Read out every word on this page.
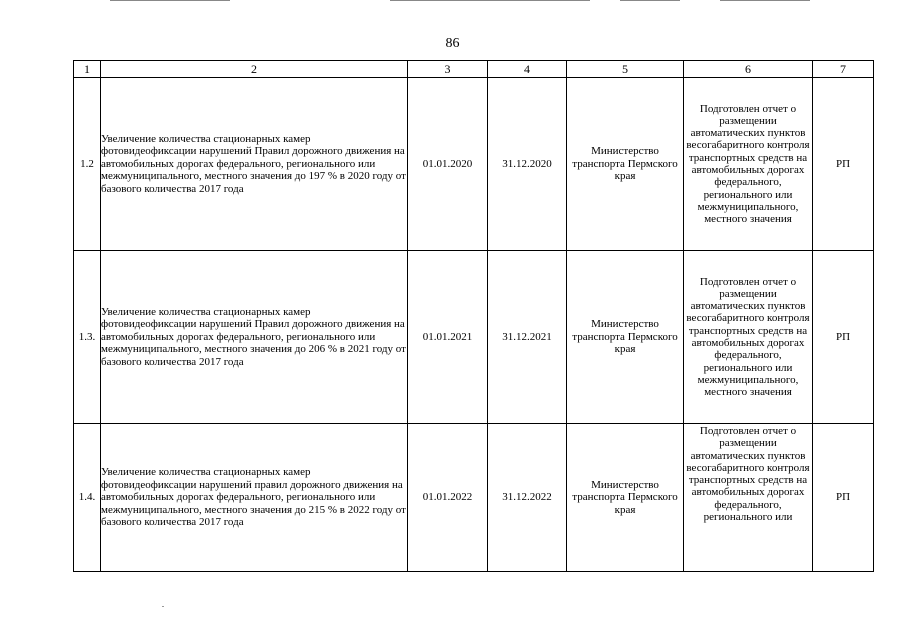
86
1	2	3	4	5	6	7
1.2	Увеличение количества стационарных камер фотовидеофиксации нарушений Правил дорожного движения на автомобильных дорогах федерального, регионального или межмуниципального, местного значения до 197 % в 2020 году от базового количества 2017 года	01.01.2020	31.12.2020	Министерство транспорта Пермского края	Подготовлен отчет о размещении автоматических пунктов весогабаритного контроля транспортных средств на автомобильных дорогах федерального, регионального или межмуниципального, местного значения	РП
1.3.	Увеличение количества стационарных камер фотовидеофиксации нарушений Правил дорожного движения на автомобильных дорогах федерального, регионального или межмуниципального, местного значения до 206 % в 2021 году от базового количества 2017 года	01.01.2021	31.12.2021	Министерство транспорта Пермского края	Подготовлен отчет о размещении автоматических пунктов весогабаритного контроля транспортных средств на автомобильных дорогах федерального, регионального или межмуниципального, местного значения	РП
1.4.	Увеличение количества стационарных камер фотовидеофиксации нарушений правил дорожного движения на автомобильных дорогах федерального, регионального или межмуниципального, местного значения до 215 % в 2022 году от базового количества 2017 года	01.01.2022	31.12.2022	Министерство транспорта Пермского края	Подготовлен отчет о размещении автоматических пунктов весогабаритного контроля транспортных средств на автомобильных дорогах федерального, регионального или	РП
